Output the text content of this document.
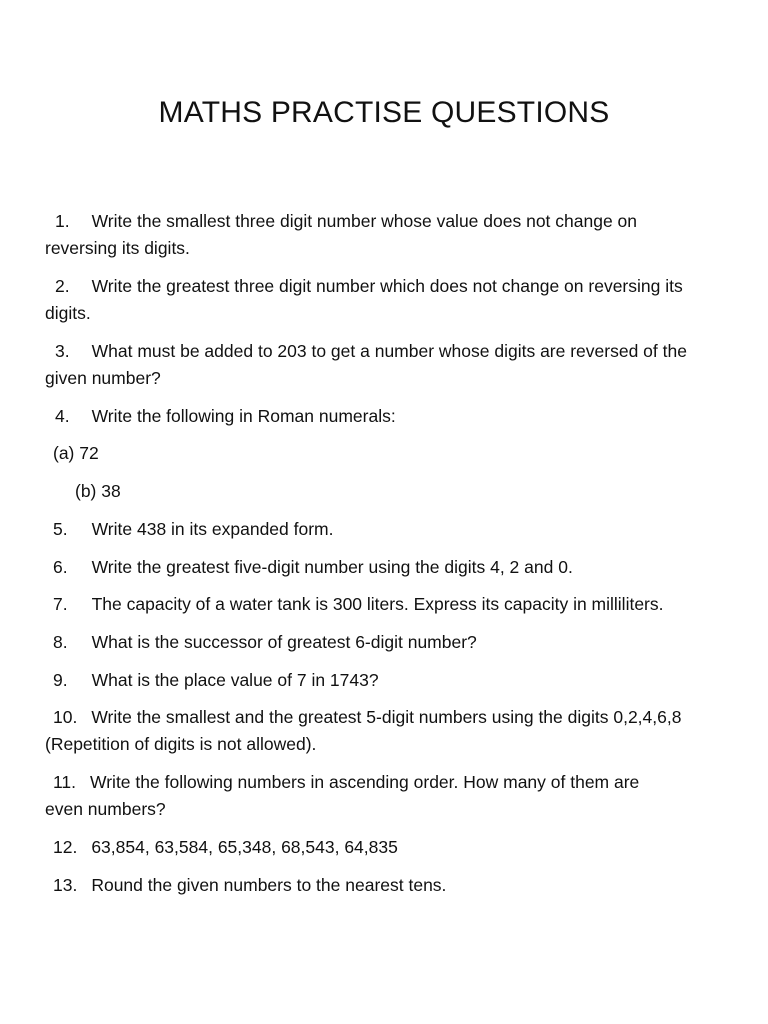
MATHS PRACTISE QUESTIONS
1. Write the smallest three digit number whose value does not change on
reversing its digits.
2. Write the greatest three digit number which does not change on reversing its
digits.
3. What must be added to 203 to get a number whose digits are reversed of the
given number?
4. Write the following in Roman numerals:
(a) 72
(b) 38
5. Write 438 in its expanded form.
6. Write the greatest five-digit number using the digits 4, 2 and 0.
7. The capacity of a water tank is 300 liters. Express its capacity in milliliters.
8. What is the successor of greatest 6-digit number?
9. What is the place value of 7 in 1743?
10. Write the smallest and the greatest 5-digit numbers using the digits 0,2,4,6,8
(Repetition of digits is not allowed).
11. Write the following numbers in ascending order. How many of them are
even numbers?
12. 63,854, 63,584, 65,348, 68,543, 64,835
13. Round the given numbers to the nearest tens.
